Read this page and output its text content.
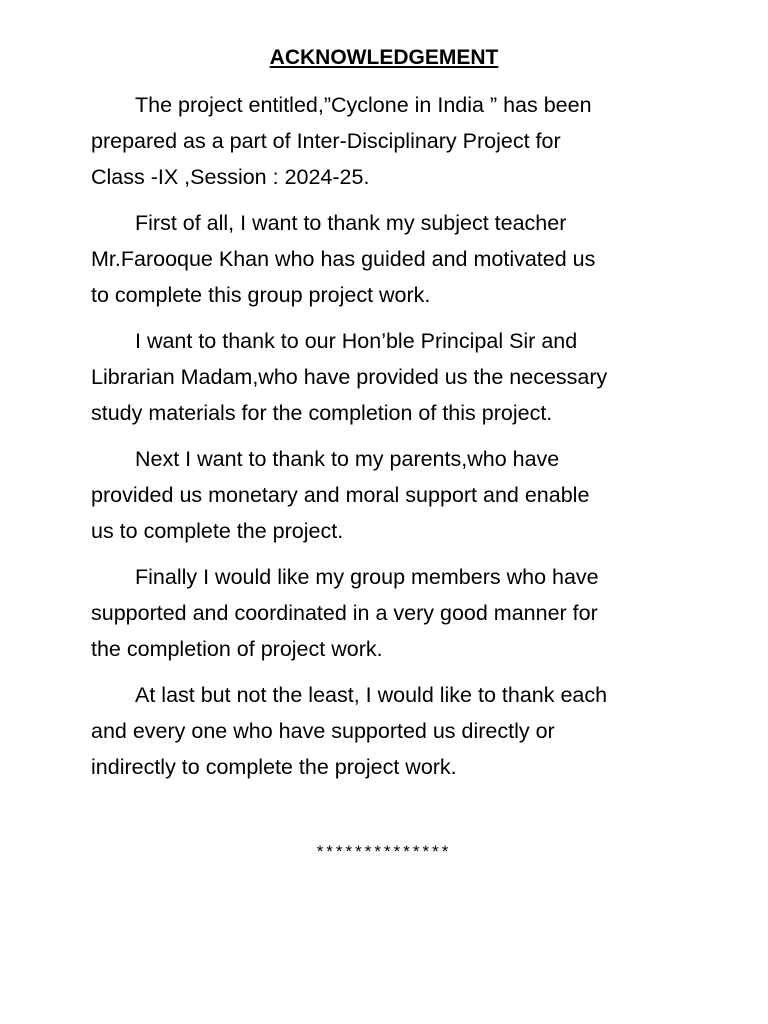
ACKNOWLEDGEMENT

The project entitled,”Cyclone in India ” has been
prepared as a part of Inter-Disciplinary Project for
Class -IX ,Session : 2024-25.

First of all, I want to thank my subject teacher
Mr.Farooque Khan who has guided and motivated us
to complete this group project work.

I want to thank to our Hon’ble Principal Sir and
Librarian Madam,who have provided us the necessary
study materials for the completion of this project.

Next I want to thank to my parents,who have
provided us monetary and moral support and enable
us to complete the project.

Finally I would like my group members who have
supported and coordinated in a very good manner for
the completion of project work.

At last but not the least, I would like to thank each
and every one who have supported us directly or
indirectly to complete the project work.

**************
